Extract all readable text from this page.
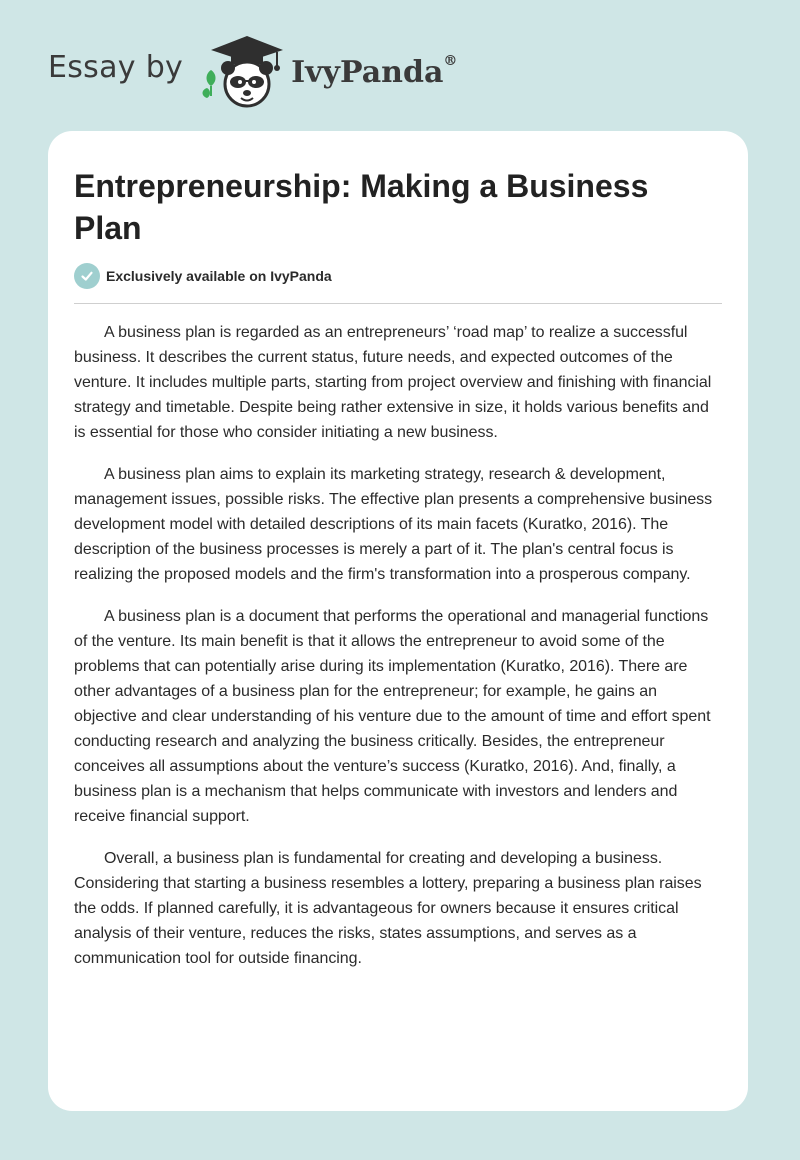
Essay by	IvyPanda®
Entrepreneurship: Making a Business Plan
Exclusively available on IvyPanda

A business plan is regarded as an entrepreneurs’ ‘road map’ to realize a successful business. It describes the current status, future needs, and expected outcomes of the venture. It includes multiple parts, starting from project overview and finishing with financial strategy and timetable. Despite being rather extensive in size, it holds various benefits and is essential for those who consider initiating a new business.

A business plan aims to explain its marketing strategy, research & development, management issues, possible risks. The effective plan presents a comprehensive business development model with detailed descriptions of its main facets (Kuratko, 2016). The description of the business processes is merely a part of it. The plan's central focus is realizing the proposed models and the firm's transformation into a prosperous company.

A business plan is a document that performs the operational and managerial functions of the venture. Its main benefit is that it allows the entrepreneur to avoid some of the problems that can potentially arise during its implementation (Kuratko, 2016). There are other advantages of a business plan for the entrepreneur; for example, he gains an objective and clear understanding of his venture due to the amount of time and effort spent conducting research and analyzing the business critically. Besides, the entrepreneur conceives all assumptions about the venture’s success (Kuratko, 2016). And, finally, a business plan is a mechanism that helps communicate with investors and lenders and receive financial support.

Overall, a business plan is fundamental for creating and developing a business. Considering that starting a business resembles a lottery, preparing a business plan raises the odds. If planned carefully, it is advantageous for owners because it ensures critical analysis of their venture, reduces the risks, states assumptions, and serves as a communication tool for outside financing.
